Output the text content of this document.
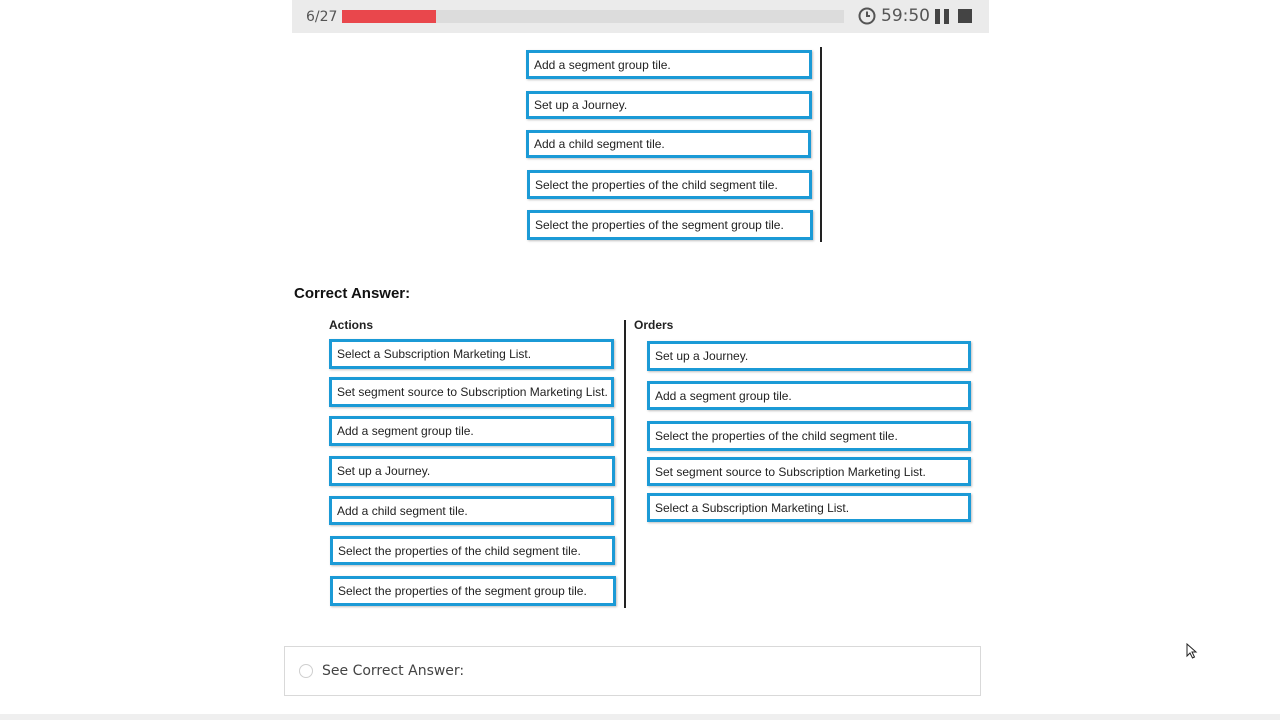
6/27	59:50
Add a segment group tile.
Set up a Journey.
Add a child segment tile.
Select the properties of the child segment tile.
Select the properties of the segment group tile.
Correct Answer:
Actions	Orders
Select a Subscription Marketing List.
Set segment source to Subscription Marketing List.
Add a segment group tile.
Set up a Journey.
Add a child segment tile.
Select the properties of the child segment tile.
Select the properties of the segment group tile.
Set up a Journey.
Add a segment group tile.
Select the properties of the child segment tile.
Set segment source to Subscription Marketing List.
Select a Subscription Marketing List.
See Correct Answer:
